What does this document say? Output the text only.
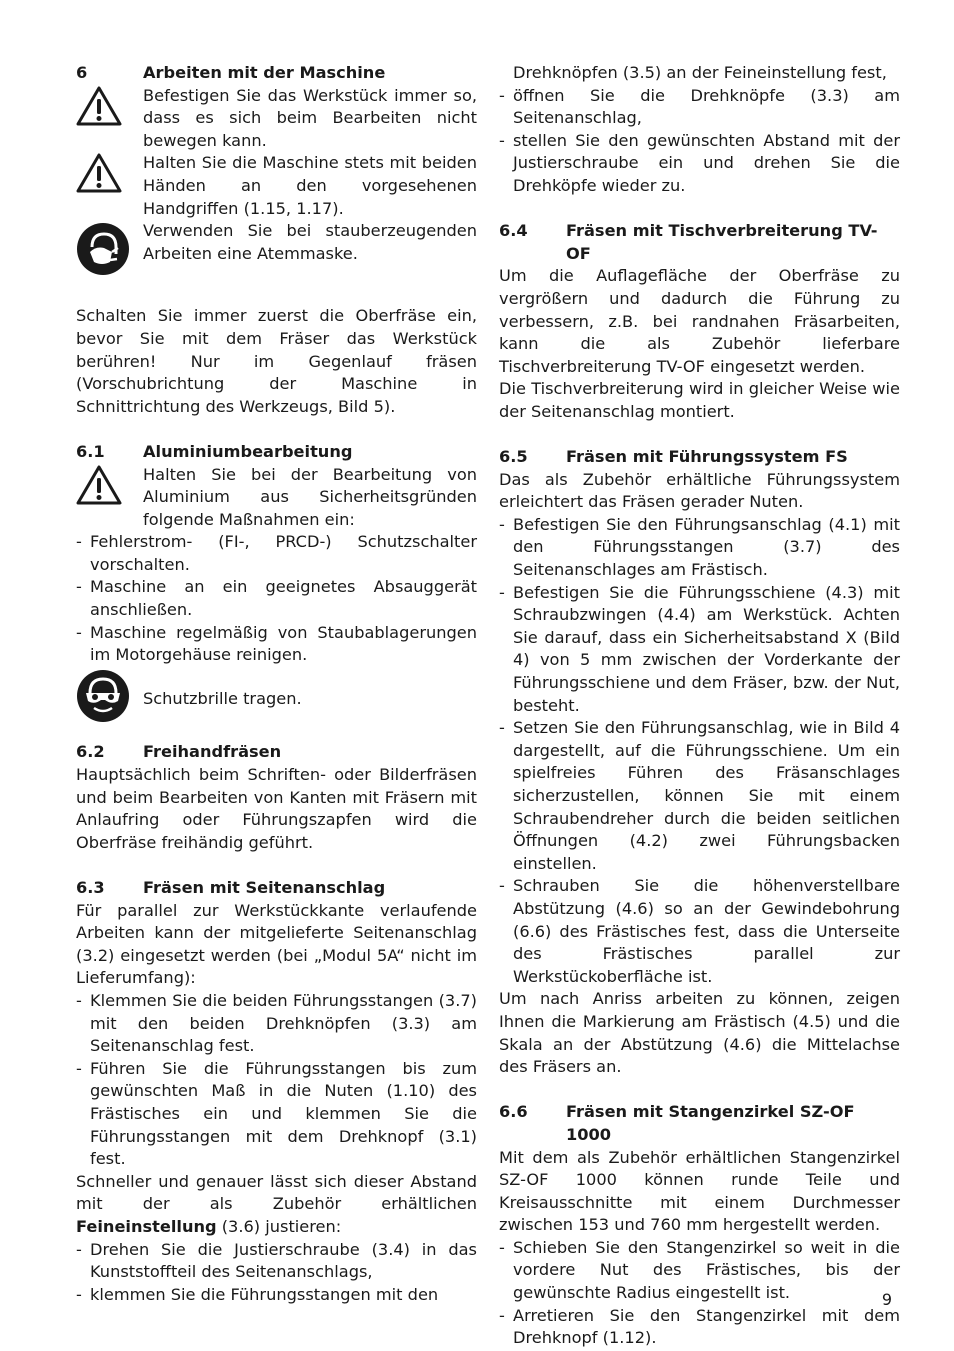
6	Arbeiten mit der Maschine

Befestigen Sie das Werkstück immer so, dass es sich beim Bearbeiten nicht bewegen kann.

Halten Sie die Maschine stets mit beiden Händen an den vorgesehenen Handgriffen (1.15, 1.17).

Verwenden Sie bei stauberzeugenden Arbeiten eine Atemmaske.

Schalten Sie immer zuerst die Oberfräse ein, bevor Sie mit dem Fräser das Werkstück berühren! Nur im Gegenlauf fräsen (Vorschubrichtung der Maschine in Schnittrichtung des Werkzeugs, Bild 5).

6.1	Aluminiumbearbeitung

Halten Sie bei der Bearbeitung von Aluminium aus Sicherheitsgründen folgende Maßnahmen ein:

- Fehlerstrom- (FI-, PRCD-) Schutzschalter vorschalten.
- Maschine an ein geeignetes Absauggerät anschließen.
- Maschine regelmäßig von Staubablagerungen im Motorgehäuse reinigen.
Schutzbrille tragen.
6.2	Freihandfräsen

Hauptsächlich beim Schriften- oder Bilderfräsen und beim Bearbeiten von Kanten mit Fräsern mit Anlaufring oder Führungszapfen wird die Oberfräse freihändig geführt.

6.3	Fräsen mit Seitenanschlag

Für parallel zur Werkstückkante verlaufende Arbeiten kann der mitgelieferte Seitenanschlag (3.2) eingesetzt werden (bei „Modul 5A“ nicht im Lieferumfang):

- Klemmen Sie die beiden Führungsstangen (3.7) mit den beiden Drehknöpfen (3.3) am Seitenanschlag fest.
- Führen Sie die Führungsstangen bis zum gewünschten Maß in die Nuten (1.10) des Frästisches ein und klemmen Sie die Führungsstangen mit dem Drehknopf (3.1) fest.

Schneller und genauer lässt sich dieser Abstand mit der als Zubehör erhältlichen Feineinstellung (3.6) justieren:

- Drehen Sie die Justierschraube (3.4) in das Kunststoffteil des Seitenanschlags,
- klemmen Sie die Führungsstangen mit den

Drehknöpfen (3.5) an der Feineinstellung fest,

- öffnen Sie die Drehknöpfe (3.3) am Seitenanschlag,
- stellen Sie den gewünschten Abstand mit der Justierschraube ein und drehen Sie die Drehköpfe wieder zu.
6.4	Fräsen mit Tischverbreiterung TV-OF

Um die Auflagefläche der Oberfräse zu vergrößern und dadurch die Führung zu verbessern, z.B. bei randnahen Fräsarbeiten, kann die als Zubehör lieferbare Tischverbreiterung TV-OF eingesetzt werden.

Die Tischverbreiterung wird in gleicher Weise wie der Seitenanschlag montiert.

6.5	Fräsen mit Führungssystem FS

Das als Zubehör erhältliche Führungssystem erleichtert das Fräsen gerader Nuten.

- Befestigen Sie den Führungsanschlag (4.1) mit den Führungsstangen (3.7) des Seitenanschlages am Frästisch.
- Befestigen Sie die Führungsschiene (4.3) mit Schraubzwingen (4.4) am Werkstück. Achten Sie darauf, dass ein Sicherheitsabstand X (Bild 4) von 5 mm zwischen der Vorderkante der Führungsschiene und dem Fräser, bzw. der Nut, besteht.
- Setzen Sie den Führungsanschlag, wie in Bild 4 dargestellt, auf die Führungsschiene. Um ein spielfreies Führen des Fräsanschlages sicherzustellen, können Sie mit einem Schraubendreher durch die beiden seitlichen Öffnungen (4.2) zwei Führungsbacken einstellen.
- Schrauben Sie die höhenverstellbare Abstützung (4.6) so an der Gewindebohrung (6.6) des Frästisches fest, dass die Unterseite des Frästisches parallel zur Werkstückoberfläche ist.

Um nach Anriss arbeiten zu können, zeigen Ihnen die Markierung am Frästisch (4.5) und die Skala an der Abstützung (4.6) die Mittelachse des Fräsers an.

6.6	Fräsen mit Stangenzirkel SZ-OF 1000

Mit dem als Zubehör erhältlichen Stangenzirkel SZ-OF 1000 können runde Teile und Kreisausschnitte mit einem Durchmesser zwischen 153 und 760 mm hergestellt werden.

- Schieben Sie den Stangenzirkel so weit in die vordere Nut des Frästisches, bis der gewünschte Radius eingestellt ist.
- Arretieren Sie den Stangenzirkel mit dem Drehknopf (1.12).
9
